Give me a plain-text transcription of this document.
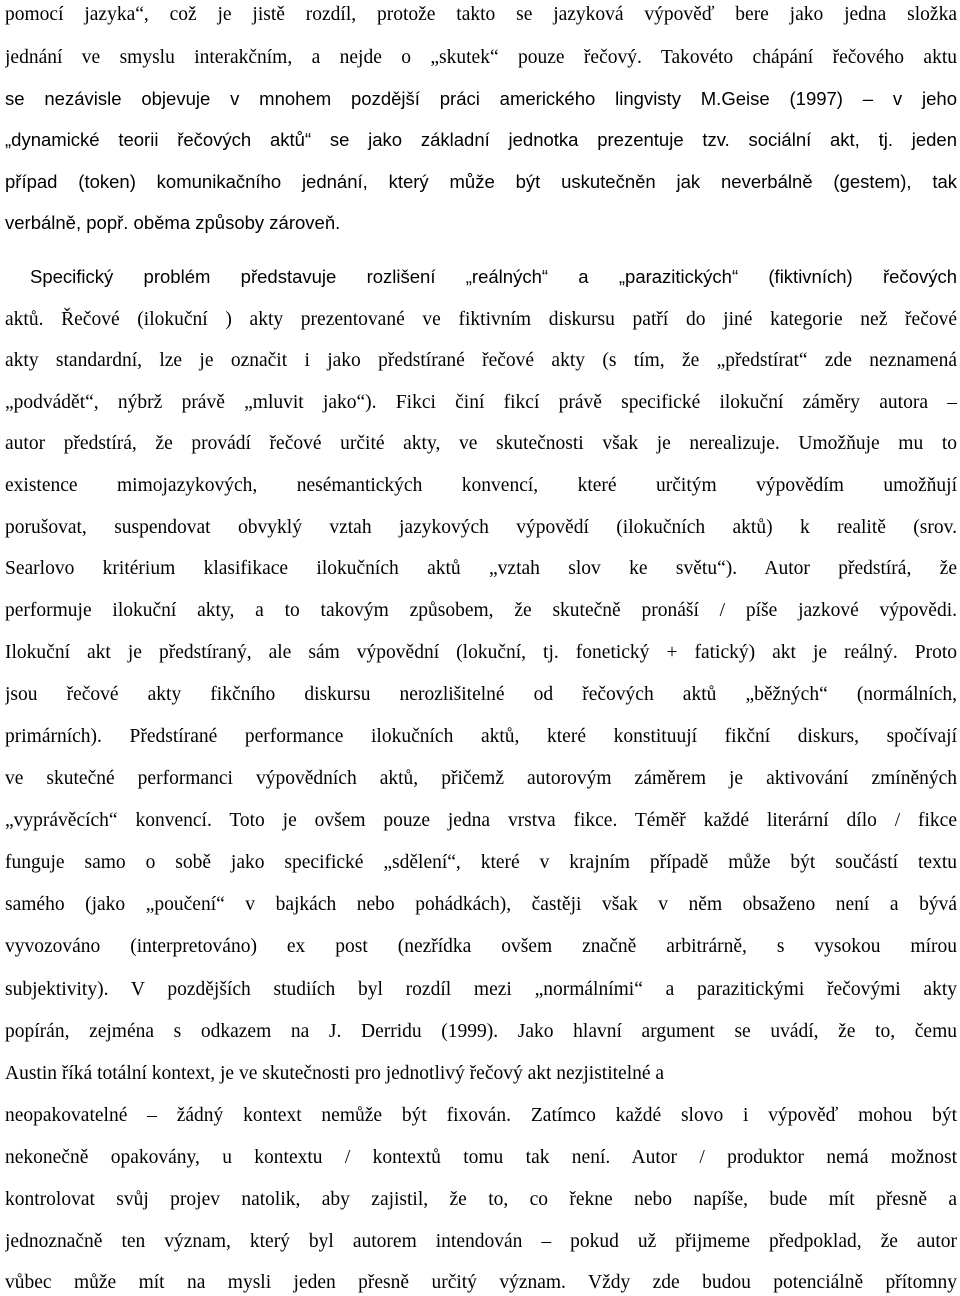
pomocí jazyka“, což je jistě rozdíl, protože takto se jazyková výpověď bere jako jedna složka
jednání ve smyslu interakčním, a nejde o „skutek“ pouze řečový. Takovéto chápání řečového aktu
se nezávisle objevuje v mnohem pozdější práci amerického lingvisty M.Geise (1997) – v jeho
„dynamické teorii řečových aktů“ se jako základní jednotka prezentuje tzv. sociální akt, tj. jeden
případ (token) komunikačního jednání, který může být uskutečněn jak neverbálně (gestem), tak
verbálně, popř. oběma způsoby zároveň.
Specifický problém představuje rozlišení „reálných“ a „parazitických“ (fiktivních) řečových
aktů. Řečové (ilokuční ) akty prezentované ve fiktivním diskursu patří do jiné kategorie než řečové
akty standardní, lze je označit i jako předstírané řečové akty (s tím, že „předstírat“ zde neznamená
„podvádět“, nýbrž právě „mluvit jako“). Fikci činí fikcí právě specifické ilokuční záměry autora –
autor předstírá, že provádí řečové určité akty, ve skutečnosti však je nerealizuje. Umožňuje mu to
existence mimojazykových, nesémantických konvencí, které určitým výpovědím umožňují
porušovat, suspendovat obvyklý vztah jazykových výpovědí (ilokučních aktů) k realitě (srov.
Searlovo kritérium klasifikace ilokučních aktů „vztah slov ke světu“). Autor předstírá, že
performuje ilokuční akty, a to takovým způsobem, že skutečně pronáší / píše jazkové výpovědi.
Ilokuční akt je předstíraný, ale sám výpovědní (lokuční, tj. fonetický + fatický) akt je reálný. Proto
jsou řečové akty fikčního diskursu nerozlišitelné od řečových aktů „běžných“ (normálních,
primárních). Předstírané performance ilokučních aktů, které konstituují fikční diskurs, spočívají
ve skutečné performanci výpovědních aktů, přičemž autorovým záměrem je aktivování zmíněných
„vyprávěcích“ konvencí. Toto je ovšem pouze jedna vrstva fikce. Téměř každé literární dílo / fikce
funguje samo o sobě jako specifické „sdělení“, které v krajním případě může být součástí textu
samého (jako „poučení“ v bajkách nebo pohádkách), častěji však v něm obsaženo není a bývá
vyvozováno (interpretováno) ex post (nezřídka ovšem značně arbitrárně, s vysokou mírou
subjektivity). V pozdějších studiích byl rozdíl mezi „normálními“ a parazitickými řečovými akty
popírán, zejména s odkazem na J. Derridu (1999). Jako hlavní argument se uvádí, že to, čemu
Austin říká totální kontext, je ve skutečnosti pro jednotlivý řečový akt nezjistitelné a
neopakovatelné – žádný kontext nemůže být fixován. Zatímco každé slovo i výpověď mohou být
nekonečně opakovány, u kontextu / kontextů tomu tak není. Autor / produktor nemá možnost
kontrolovat svůj projev natolik, aby zajistil, že to, co řekne nebo napíše, bude mít přesně a
jednoznačně ten význam, který byl autorem intendován – pokud už přijmeme předpoklad, že autor
vůbec může mít na mysli jeden přesně určitý význam. Vždy zde budou potenciálně přítomny
